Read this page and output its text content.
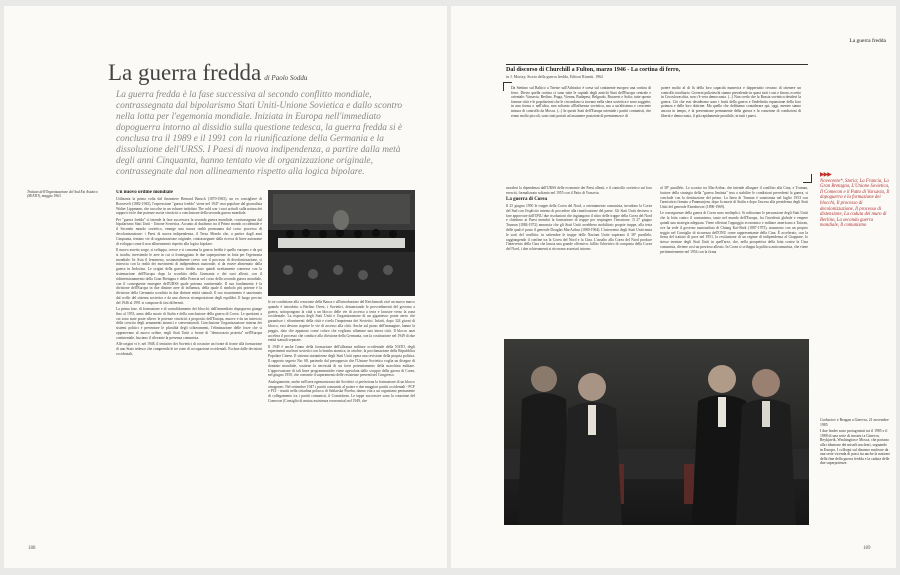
La guerra fredda di Paolo Soddu
La guerra fredda è la fase successiva al secondo conflitto mondiale, contrassegnata dal bipolarismo Stati Uniti-Unione Sovietica e dallo scontro nella lotta per l'egemonia mondiale. Iniziata in Europa nell'immediato dopoguerra intorno al dissidio sulla questione tedesca, la guerra fredda si è conclusa tra il 1989 e il 1991 con la riunificazione della Germania e la dissoluzione dell'URSS. I Paesi di nuova indipendenza, a partire dalla metà degli anni Cinquanta, hanno tentato vie di organizzazione originale, contrassegnate dal non allineamento rispetto alla logica bipolare.
Trattato dell'Organizzazione del Sud Est Asiatico (SEATO), maggio 1963.
Un nuovo ordine mondiale

Utilizzata la prima volta dal finanziere Bernard Baruch (1870-1965), un ex consigliere di Roosevelt (1882-1945), l'espressione "guerra fredda" viene nel 1947 resa popolare dal giornalista Walter Lippmann, che raccolse in un volume intitolato The cold war i suoi articoli sulla natura dei rapporti tra le due potenze uscite vincitrici a conclusione della seconda guerra mondiale.

Per "guerra fredda" si intende la fase successiva la seconda guerra mondiale, contrassegnata dal bipolarismo Stati Uniti - Unione Sovietica. Accanto al dualismo tra il Primo mondo occidentale e il Secondo mondo sovietico, emerge una nuova realtà promanata dal corso processo di decolonizzazione: i Paesi di nuova indipendenza, il Terzo Mondo che, a partire dagli anni Cinquanta, tentano vie di organizzazione originale, contrassegnate dalla ricerca di linee autonome di sviluppo come il non allineamento rispetto alla logica bipolare.

Il nuovo assetto sorge, si sviluppa, cresce e si consuma la guerra fredda è quello europeo e da qui si irradia, investendo le aree in cui si fronteggiano le due superpotenze in lotta per l'egemonia mondiale. In Asia il fenomeno, sostanzialmente coevo con il processo di decolonizzazione, si intreccia con la realtà dei movimenti di indipendenza nazionale, sì da essere alimentato dalla guerra in Indocina. Le origini della guerra fredda sono quindi strettamente connesse con la sistemazione dell'Europa dopo la sconfitta della Germania e dei suoi alleati, con il ridimensionamento della Gran Bretagna e della Francia nel corso della seconda guerra mondiale, con il conseguente emergere dell'URSS quale potenza continentale. Il suo fondamento è la divisione dell'Europa in due distinte aree di influenza, della quale il simbolo più potente è la divisione della Germania sconfitta in due distinte entità statuali. Il suo esaurimento è sanzionato dal crollo del sistema sovietico e da una diversa ricomposizione degli equilibri. Il luogo preciso del 1946 al 1991 si compone di fasi differenti.

La prima fase, di formazione e di consolidamento dei blocchi, dall'immediato dopoguerra giunge fino al 1953, anno della morte di Stalin e della conclusione della guerra di Corea. Le questioni a cui sono state poste rilievo le potenze vincitrici a proposito dell'Europa, muove e da un intreccio della crescita degli armamenti atomici e convenzionali. Conclusione l'organizzazione interna dei sistemi politici e presentare le pluralità degli schieramenti, l'eliminazione delle forze che si opponevano al nuovo ordine, negli Stati Uniti a fronte di "democrazia protetta" nell'Europa continentale, lasciano il rilevante la presenza comunista.

Alle origini vi è, nel 1948, il tentativo dei Sovietici di costruire un fronte di fronte alla formazione di uno Stato tedesco che comprenda le tre zone di occupazione occidentali. Escluse dalle decisioni occidentali,

le tre condizione alla creazione della Banca e all'introduzione del Reichsmark cioè un nuovo marco quando è introdotto a Berlino Ovest, i Sovietici, denunciando le provvedimenti del governo a guerra, sottopongono la città a un blocco delle vie di accesso a terra e lacustre verso la zona occidentale. La risposta degli Stati Uniti e l'organizzazione di un gigantesco ponte aereo che garantisce i rifornimenti della città e rivela l'impotenza dei Sovietici. Infatti, dopo 324 giorni di blocco, essi devono riaprire le vie di accesso alla città. Anche sul piano dell'immagine, hanno la peggio, dato che appaiono come coloro che vogliono affamare una intera città. Il blocco anzi accelera il processo che conduce alla divisione della Germania, con la costituzione nel 1949 di due entità statuali separate.

Il 1949 è anche l'anno della formazione dell'alleanza militare occidentale della NATO, degli esperimenti nucleari sovietici con la bomba atomica, in ottobre, la proclamazione della Repubblica Popolare Cinese. Il sistema statunitense degli Stati Uniti opera una revisione della propria politica. Il rapporto segreto Nsc 68, partendo dal presupposto che l'Unione Sovietica voglia un disegno di dominio mondiale, sostiene la necessità di un forte potenziamento della macchina militare. L'approvazione di tali linee programmatiche viene agevolata dallo scoppio della guerra di Corea, nel giugno 1950, che consente il superamento delle resistenze presenti nel Congresso.

Analogamente, anche nell'area egemonizzata dai Sovietici si perfeziona la formazione di un blocco omogeneo. Nel settembre 1947 i partiti comunisti al potere e due maggiori partiti occidentali - PCF e PCI - riuniti nella cittadina polacca di Szklarska Poreba, danno vita a un organismo permanente di collegamento tra i partiti comunisti, il Cominform. Le tappe successive sono la creazione del Comecon (Consiglio di mutua assistenza economica) nel 1949, che

188
La guerra fredda
Dal discorso di Churchill a Fulton, marzo 1946 - La cortina di ferro,
in J. Mortay, Storia della guerra fredda, Editori Riuniti, 1962
Da Stettino sul Baltico a Trieste sull'Adriatico è scesa sul continente europeo una cortina di ferro. Dietro quella cortina ci sono tutte le capitali degli antichi Stati dell'Europa centrale e orientale: Varsavia, Berlino, Praga, Vienna, Budapest, Belgrado, Bucarest e Sofia; tutte queste famose città e le popolazioni che le circondano si trovano nella sfera sovietica e sono soggette, in una forma o nell'altra, non soltanto all'influenza sovietica, ma a un'altissima e crescente misura di controllo da Mosca. (...) In questi Stati dell'Europa orientale i partiti comunisti, che erano molto piccoli, sono stati portati ad assumere posizioni di preminenza e di
potere molto al di là della loro capacità numerica e dappertutto cercano di ottenere un controllo totalitario. Governi polizieschi stanno prevalendo in quasi tutti i casi e finora, eccetto in Cecoslovacchia, non c'è vera democrazia. (...) Non credo che la Russia sovietica desideri la guerra. Ciò che essi desiderano sono i frutti della guerra e l'indefinita espansione della loro potenza e delle loro dottrine. Ma quello che dobbiamo considerare qui, oggi, mentre siamo ancora in tempo, è la prevenzione permanente della guerra e la creazione di condizioni di libertà e democrazia, il più rapidamente possibile, in tutti i paesi.

navalesi la dipendenza dall'URSS delle economie dei Paesi alleati, e il controllo sovietico sui loro eserciti, formalizzato soltanto nel 1955 con il Patto di Varsavia.

La guerra di Corea

Il 25 giugno 1950 le truppe della Corea del Nord, a orientamento comunista, invadono la Corea del Sud con l'esplicito intento di procedere alla riunificazione del paese. Gli Stati Uniti decisero a fare approvare dall'ONU due risoluzioni che ingiungono il ritiro delle truppe della Corea del Nord e chiedono ai Paesi membri la formazione di truppe per respingere l'invasione. Il 27 giugno Truman (1884-1972) annuncia che gli Stati Uniti avrebbero mobilitato proprie truppe, alla testa delle quali è posto il generale Douglas MacArthur (1880-1964). L'intervento degli Stati Uniti muta le sorti del conflitto: in settembre le truppe delle Nazioni Unite superano il 38° parallelo, raggiungendo il confine tra la Corea del Nord e la Cina. L'assalto alla Corea del Nord produce l'intervento della Cina che lancia una grande offensiva: fallito l'obiettivo di conquista della Corea del Nord, i due schieramenti si ritrovano assestati intorno

al 38° parallelo. Lo scontro tra MacArthur, che intende allargare il conflitto alla Cina, e Truman, fautore della strategia della "guerra limitata" tesa a stabilire le condizioni precedenti la guerra, si conclude con la destituzione del primo. La linea di Truman è sanzionata nel luglio 1953 con l'armistizio firmato a Panmunjom, dopo la morte di Stalin e dopo l'ascesa alla presidenza degli Stati Uniti del generale Eisenhower (1890-1969).

Le conseguenze della guerra di Corea sono molteplici. Si rafforzano le persuasione degli Stati Uniti che la lotta contro il comunismo, tanto nel mondo dell'Europa, fra l'incidenti globale e empere quindi una strategia adeguata. Viene offertasi l'appoggio economico e militare americano a Taiwan, ove ha sede il governo nazionalista di Chiang Kai-Shek (1887-1975), assumono con un proprio seggio nel Consiglio di sicurezza dell'ONU come rappresentante della Cina. È accelerato, con la firma del trattato di pace nel 1951, la restituzione di un regime di indipendenza al Giappone, lo stesso termine degli Stati Uniti in quell'area, che, nella prospettiva della lotta contro la Cina comunista, diviene così un prezioso alleato. In Corea si sviluppa la politica anticomunista, che viene pertinentemente nel 1954 con la firma

▶▶▶
Novecento*, Storia; La Francia, La Gran Bretagna, L'Unione Sovietica, Il Comecon e il Patto di Varsavia, Il dopoguerra e la formazione dei blocchi, Il processo di decolonizzazione, Il processo di distensione, La caduta del muro di Berlino, La seconda guerra mondiale, Il comunismo

Gorbaciov e Reagan a Ginevra, 21 novembre 1985

I due leader sono protagonisti tra il 1985 e il 1988 di una serie di incontri a Ginevra, Reykjavik, Washington e Mosca, che portano alla riduzione dei missili nucleari, segnando in Europa. I colloqui sul disarmo nucleare da una serie vicenda di passi tra anche la nazione della fine della guerra fredda e la caduta delle due superpotenze.

189
